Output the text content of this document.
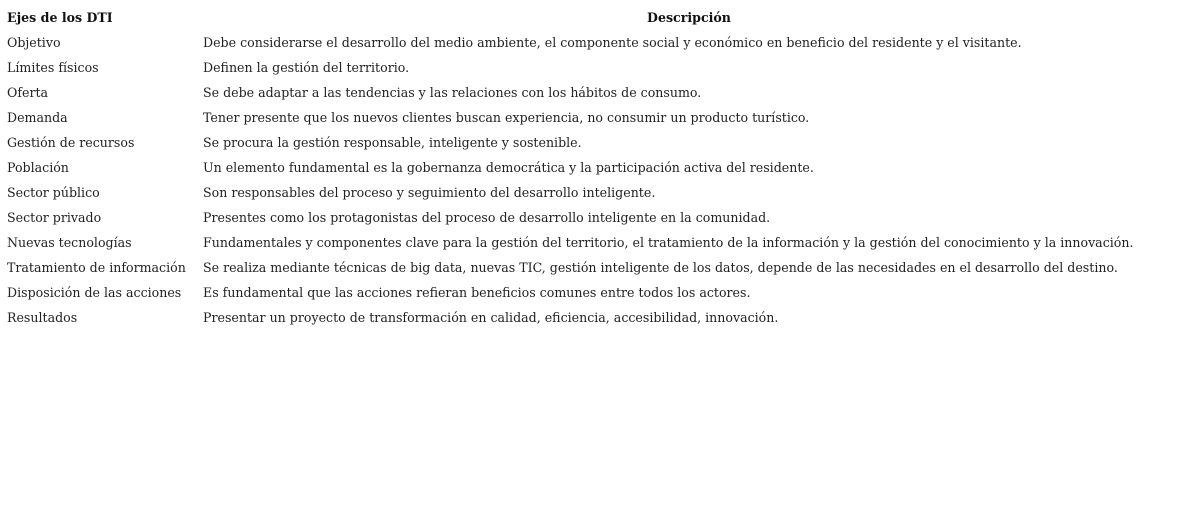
Ejes de los DTI	Descripción
Objetivo	Debe considerarse el desarrollo del medio ambiente, el componente social y económico en beneficio del residente y el visitante.
Límites físicos	Definen la gestión del territorio.
Oferta	Se debe adaptar a las tendencias y las relaciones con los hábitos de consumo.
Demanda	Tener presente que los nuevos clientes buscan experiencia, no consumir un producto turístico.
Gestión de recursos	Se procura la gestión responsable, inteligente y sostenible.
Población	Un elemento fundamental es la gobernanza democrática y la participación activa del residente.
Sector público	Son responsables del proceso y seguimiento del desarrollo inteligente.
Sector privado	Presentes como los protagonistas del proceso de desarrollo inteligente en la comunidad.
Nuevas tecnologías	Fundamentales y componentes clave para la gestión del territorio, el tratamiento de la información y la gestión del conocimiento y la innovación.
Tratamiento de información	Se realiza mediante técnicas de big data, nuevas TIC, gestión inteligente de los datos, depende de las necesidades en el desarrollo del destino.
Disposición de las acciones	Es fundamental que las acciones refieran beneficios comunes entre todos los actores.
Resultados	Presentar un proyecto de transformación en calidad, eficiencia, accesibilidad, innovación.
